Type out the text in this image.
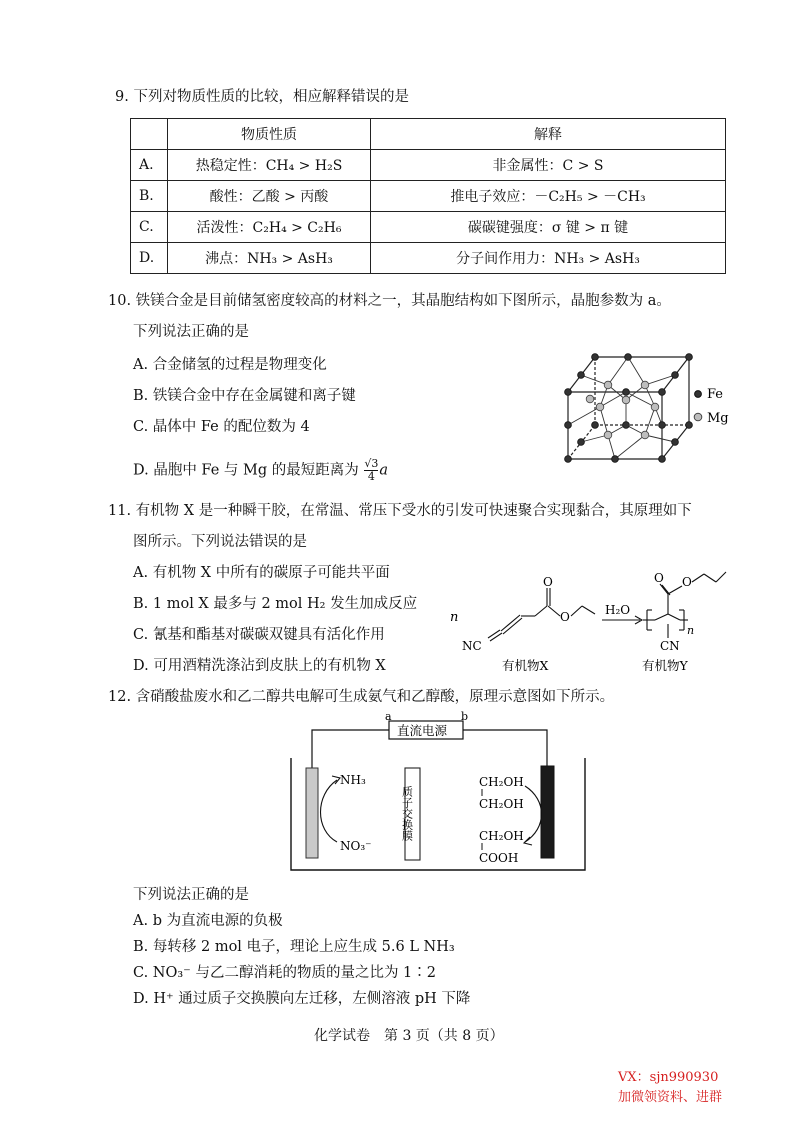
9. 下列对物质性质的比较，相应解释错误的是
	物质性质	解释
A.	热稳定性：CH₄ > H₂S	非金属性：C > S
B.	酸性：乙酸 > 丙酸	推电子效应：－C₂H₅ > －CH₃
C.	活泼性：C₂H₄ > C₂H₆	碳碳键强度：σ 键 > π 键
D.	沸点：NH₃ > AsH₃	分子间作用力：NH₃ > AsH₃
10. 铁镁合金是目前储氢密度较高的材料之一，其晶胞结构如下图所示，晶胞参数为 a。
下列说法正确的是
A. 合金储氢的过程是物理变化
B. 铁镁合金中存在金属键和离子键
C. 晶体中 Fe 的配位数为 4
D. 晶胞中 Fe 与 Mg 的最短距离为 $\frac{√3}{4}$ a
Fe
Mg
11. 有机物 X 是一种瞬干胶，在常温、常压下受水的引发可快速聚合实现黏合，其原理如下
图所示。下列说法错误的是
A. 有机物 X 中所有的碳原子可能共平面
B. 1 mol X 最多与 2 mol H₂ 发生加成反应
C. 氰基和酯基对碳碳双键具有活化作用
D. 可用酒精洗涤沾到皮肤上的有机物 X
n
NC
O
O	H₂O
O O
CN
n
有机物X	有机物Y
12. 含硝酸盐废水和乙二醇共电解可生成氨气和乙醇酸，原理示意图如下所示。
直流电源
a	b
NH₃
NO₃⁻
质子交换膜
CH₂OH
CH₂OH
CH₂OH
COOH
下列说法正确的是
A. b 为直流电源的负极
B. 每转移 2 mol 电子，理论上应生成 5.6 L NH₃
C. NO₃⁻ 与乙二醇消耗的物质的量之比为 1∶2
D. H⁺ 通过质子交换膜向左迁移，左侧溶液 pH 下降
化学试卷　第 3 页（共 8 页）
VX：sjn990930
加微领资料、进群
